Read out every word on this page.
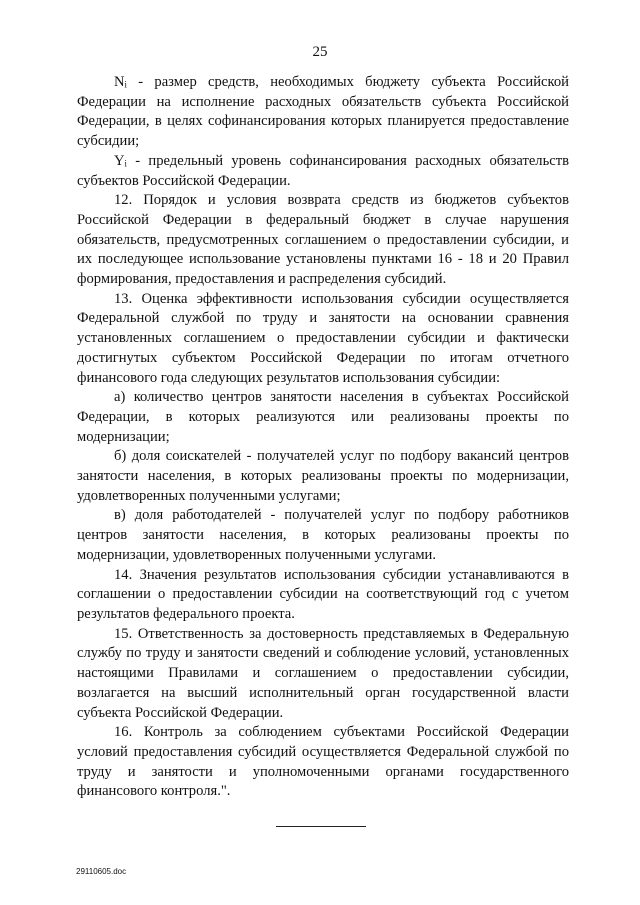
25

Nᵢ - размер средств, необходимых бюджету субъекта Российской Федерации на исполнение расходных обязательств субъекта Российской Федерации, в целях софинансирования которых планируется предоставление субсидии;

Yᵢ - предельный уровень софинансирования расходных обязательств субъектов Российской Федерации.

12. Порядок и условия возврата средств из бюджетов субъектов Российской Федерации в федеральный бюджет в случае нарушения обязательств, предусмотренных соглашением о предоставлении субсидии, и их последующее использование установлены пунктами 16 - 18 и 20 Правил формирования, предоставления и распределения субсидий.

13. Оценка эффективности использования субсидии осуществляется Федеральной службой по труду и занятости на основании сравнения установленных соглашением о предоставлении субсидии и фактически достигнутых субъектом Российской Федерации по итогам отчетного финансового года следующих результатов использования субсидии:

а) количество центров занятости населения в субъектах Российской Федерации, в которых реализуются или реализованы проекты по модернизации;

б) доля соискателей - получателей услуг по подбору вакансий центров занятости населения, в которых реализованы проекты по модернизации, удовлетворенных полученными услугами;

в) доля работодателей - получателей услуг по подбору работников центров занятости населения, в которых реализованы проекты по модернизации, удовлетворенных полученными услугами.

14. Значения результатов использования субсидии устанавливаются в соглашении о предоставлении субсидии на соответствующий год с учетом результатов федерального проекта.

15. Ответственность за достоверность представляемых в Федеральную службу по труду и занятости сведений и соблюдение условий, установленных настоящими Правилами и соглашением о предоставлении субсидии, возлагается на высший исполнительный орган государственной власти субъекта Российской Федерации.

16. Контроль за соблюдением субъектами Российской Федерации условий предоставления субсидий осуществляется Федеральной службой по труду и занятости и уполномоченными органами государственного финансового контроля.".

29110605.doc
